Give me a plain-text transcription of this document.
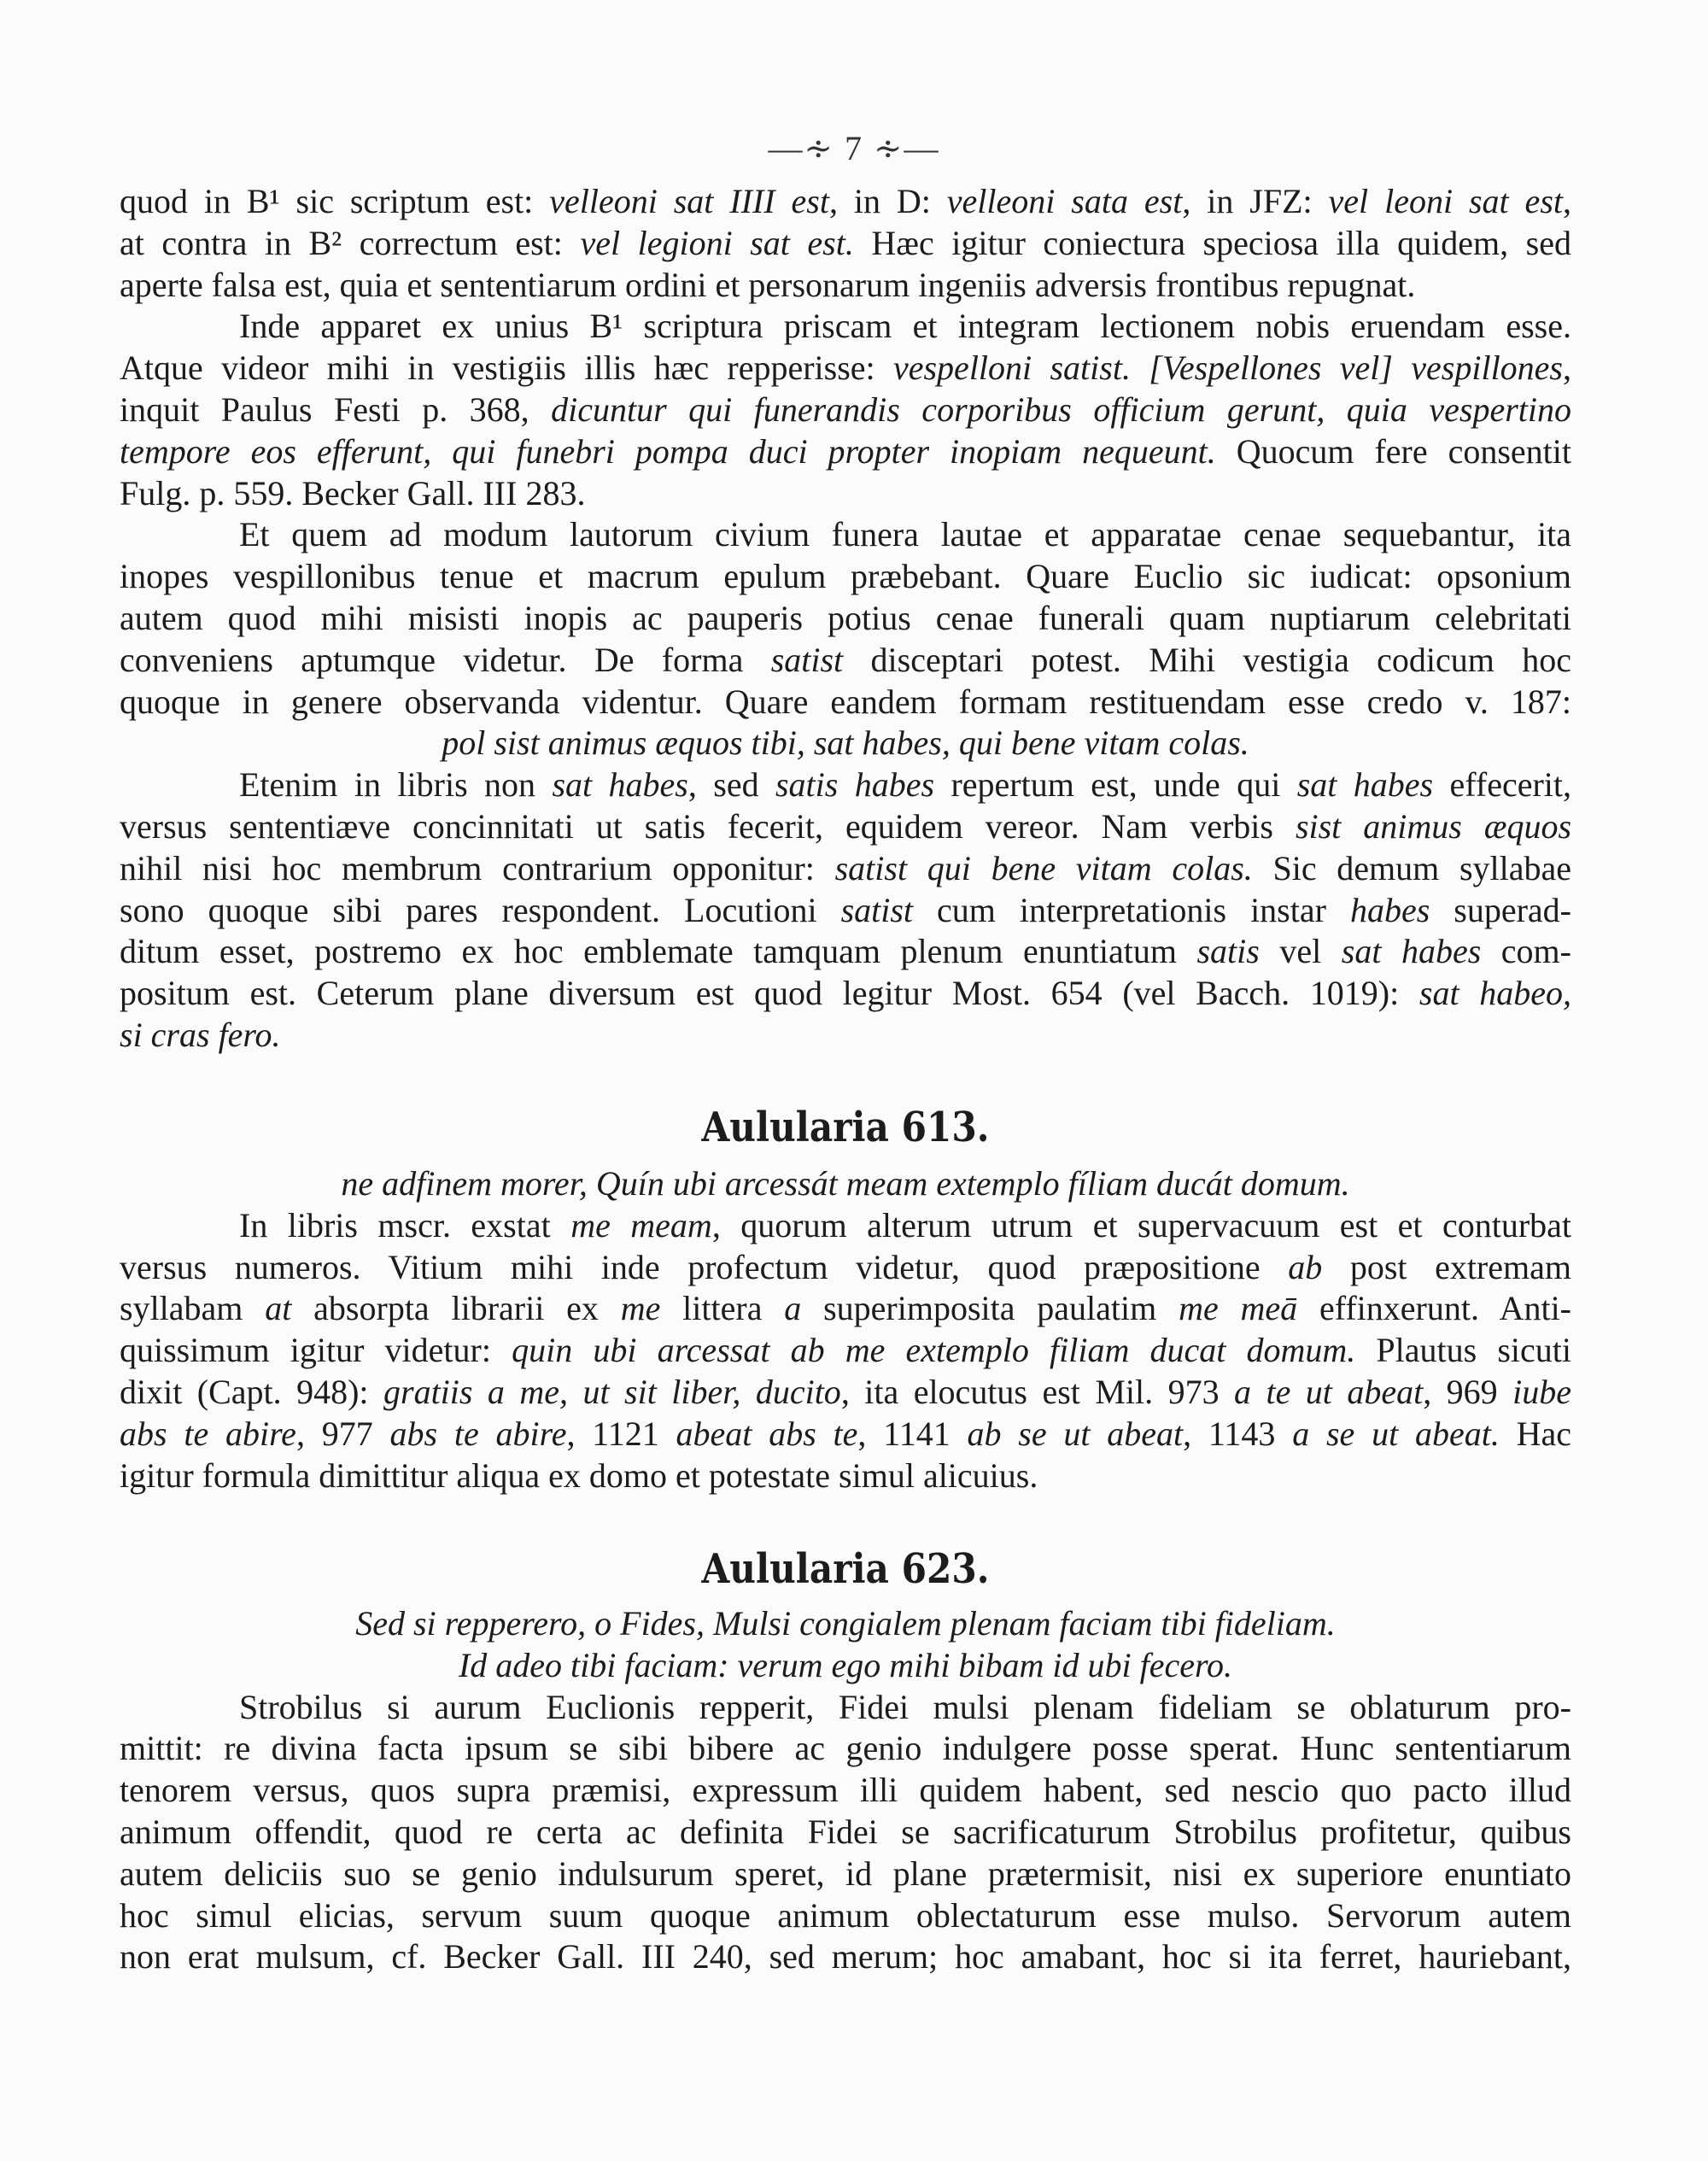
—∻ 7 ∻—
quod in B¹ sic scriptum est: velleoni sat IIII est, in D: velleoni sata est, in JFZ: vel leoni sat est,
at contra in B² correctum est: vel legioni sat est. Hæc igitur coniectura speciosa illa quidem, sed
aperte falsa est, quia et sententiarum ordini et personarum ingeniis adversis frontibus repugnat.
Inde apparet ex unius B¹ scriptura priscam et integram lectionem nobis eruendam esse.
Atque videor mihi in vestigiis illis hæc repperisse: vespelloni satist. [Vespellones vel] vespillones,
inquit Paulus Festi p. 368, dicuntur qui funerandis corporibus officium gerunt, quia vespertino
tempore eos efferunt, qui funebri pompa duci propter inopiam nequeunt. Quocum fere consentit
Fulg. p. 559. Becker Gall. III 283.
Et quem ad modum lautorum civium funera lautae et apparatae cenae sequebantur, ita
inopes vespillonibus tenue et macrum epulum præbebant. Quare Euclio sic iudicat: opsonium
autem quod mihi misisti inopis ac pauperis potius cenae funerali quam nuptiarum celebritati
conveniens aptumque videtur. De forma satist disceptari potest. Mihi vestigia codicum hoc
quoque in genere observanda videntur. Quare eandem formam restituendam esse credo v. 187:
pol sist animus æquos tibi, sat habes, qui bene vitam colas.
Etenim in libris non sat habes, sed satis habes repertum est, unde qui sat habes effecerit,
versus sententiæve concinnitati ut satis fecerit, equidem vereor. Nam verbis sist animus æquos
nihil nisi hoc membrum contrarium opponitur: satist qui bene vitam colas. Sic demum syllabae
sono quoque sibi pares respondent. Locutioni satist cum interpretationis instar habes superad-
ditum esset, postremo ex hoc emblemate tamquam plenum enuntiatum satis vel sat habes com-
positum est. Ceterum plane diversum est quod legitur Most. 654 (vel Bacch. 1019): sat habeo,
si cras fero.
Aulularia 613.
ne adfinem morer, Quín ubi arcessát meam extemplo fíliam ducát domum.
In libris mscr. exstat me meam, quorum alterum utrum et supervacuum est et conturbat
versus numeros. Vitium mihi inde profectum videtur, quod præpositione ab post extremam
syllabam at absorpta librarii ex me littera a superimposita paulatim me meā effinxerunt. Anti-
quissimum igitur videtur: quin ubi arcessat ab me extemplo filiam ducat domum. Plautus sicuti
dixit (Capt. 948): gratiis a me, ut sit liber, ducito, ita elocutus est Mil. 973 a te ut abeat, 969 iube
abs te abire, 977 abs te abire, 1121 abeat abs te, 1141 ab se ut abeat, 1143 a se ut abeat. Hac
igitur formula dimittitur aliqua ex domo et potestate simul alicuius.
Aulularia 623.
Sed si repperero, o Fides, Mulsi congialem plenam faciam tibi fideliam.
Id adeo tibi faciam: verum ego mihi bibam id ubi fecero.
Strobilus si aurum Euclionis repperit, Fidei mulsi plenam fideliam se oblaturum pro-
mittit: re divina facta ipsum se sibi bibere ac genio indulgere posse sperat. Hunc sententiarum
tenorem versus, quos supra præmisi, expressum illi quidem habent, sed nescio quo pacto illud
animum offendit, quod re certa ac definita Fidei se sacrificaturum Strobilus profitetur, quibus
autem deliciis suo se genio indulsurum speret, id plane prætermisit, nisi ex superiore enuntiato
hoc simul elicias, servum suum quoque animum oblectaturum esse mulso. Servorum autem
non erat mulsum, cf. Becker Gall. III 240, sed merum; hoc amabant, hoc si ita ferret, hauriebant,
